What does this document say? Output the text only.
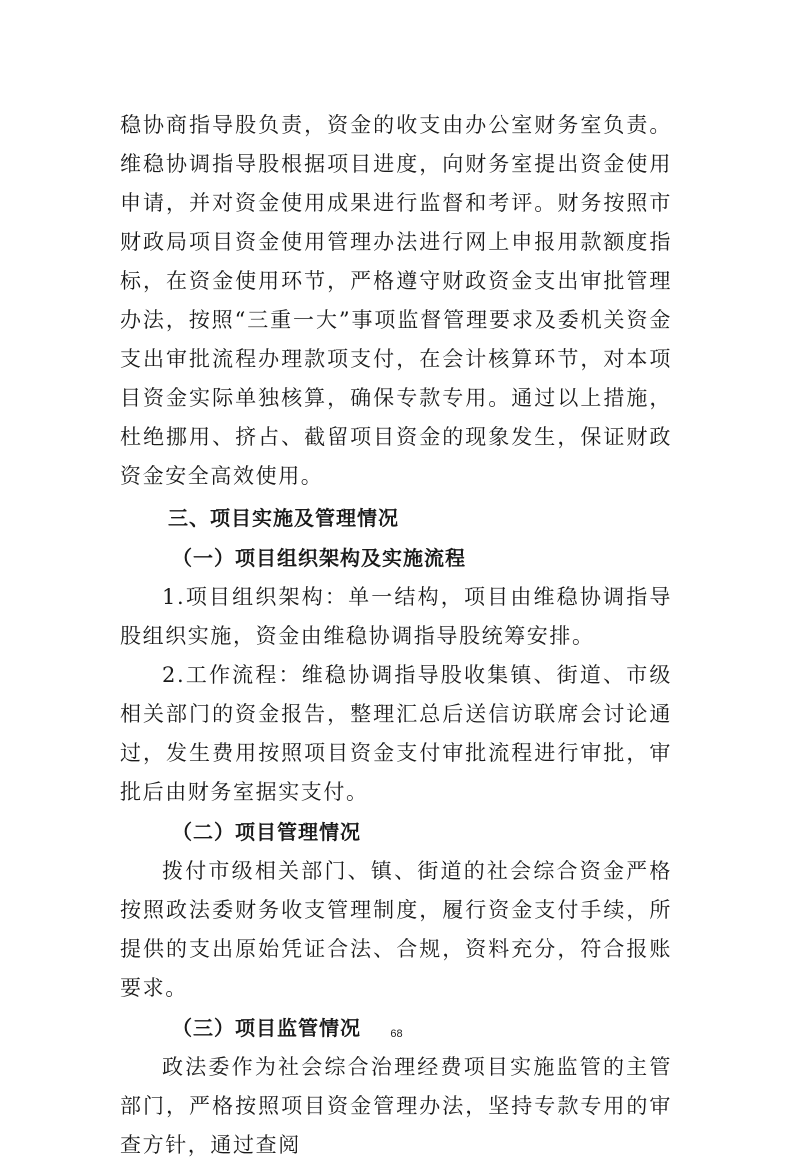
稳协商指导股负责，资金的收支由办公室财务室负责。维稳协调指导股根据项目进度，向财务室提出资金使用申请，并对资金使用成果进行监督和考评。财务按照市财政局项目资金使用管理办法进行网上申报用款额度指标，在资金使用环节，严格遵守财政资金支出审批管理办法，按照“三重一大”事项监督管理要求及委机关资金支出审批流程办理款项支付，在会计核算环节，对本项目资金实际单独核算，确保专款专用。通过以上措施，杜绝挪用、挤占、截留项目资金的现象发生，保证财政资金安全高效使用。

三、项目实施及管理情况
（一）项目组织架构及实施流程

1.项目组织架构：单一结构，项目由维稳协调指导股组织实施，资金由维稳协调指导股统筹安排。

2.工作流程：维稳协调指导股收集镇、街道、市级相关部门的资金报告，整理汇总后送信访联席会讨论通过，发生费用按照项目资金支付审批流程进行审批，审批后由财务室据实支付。

（二）项目管理情况

拨付市级相关部门、镇、街道的社会综合资金严格按照政法委财务收支管理制度，履行资金支付手续，所提供的支出原始凭证合法、合规，资料充分，符合报账要求。

（三）项目监管情况

政法委作为社会综合治理经费项目实施监管的主管部门，严格按照项目资金管理办法，坚持专款专用的审查方针，通过查阅

68
